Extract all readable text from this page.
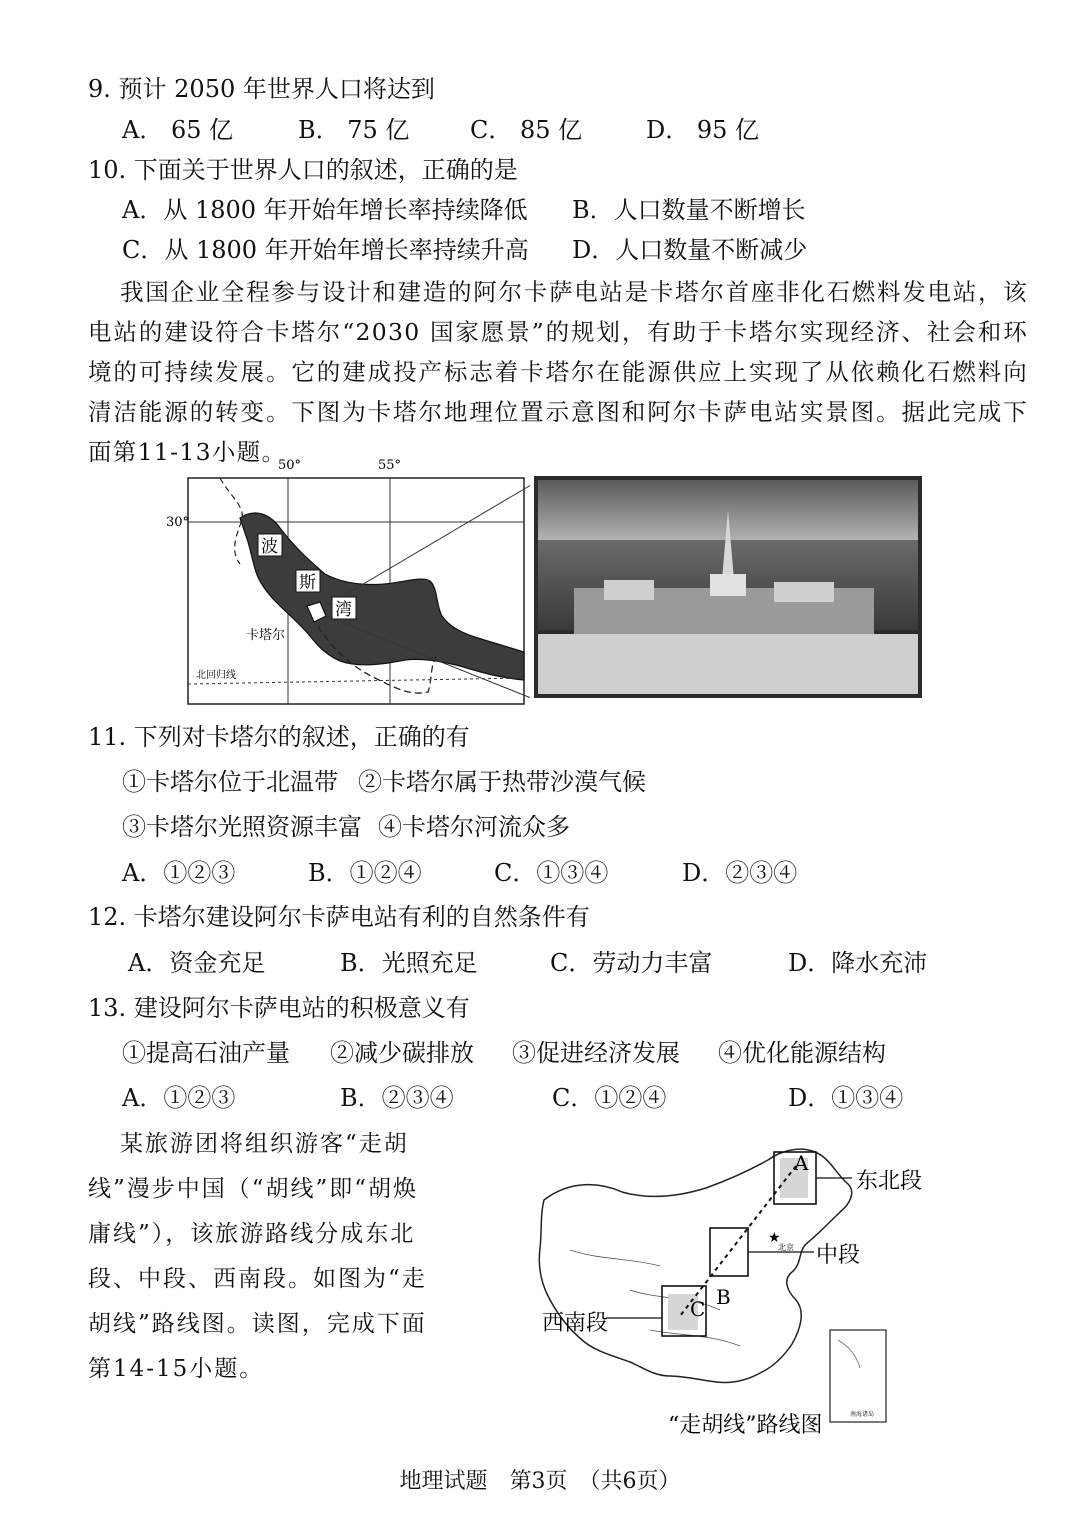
9. 预计 2050 年世界人口将达到
A． 65 亿	B． 75 亿	C． 85 亿	D． 95 亿
10. 下面关于世界人口的叙述，正确的是
A．从 1800 年开始年增长率持续降低 B．人口数量不断增长
C．从 1800 年开始年增长率持续升高 D．人口数量不断减少
我国企业全程参与设计和建造的阿尔卡萨电站是卡塔尔首座非化石燃料发电站，该电站的建设符合卡塔尔“2030 国家愿景”的规划，有助于卡塔尔实现经济、社会和环境的可持续发展。它的建成投产标志着卡塔尔在能源供应上实现了从依赖化石燃料向清洁能源的转变。下图为卡塔尔地理位置示意图和阿尔卡萨电站实景图。据此完成下面第11-13小题。
波
斯
湾
50°	55°
30°
卡塔尔
北回归线
11. 下列对卡塔尔的叙述，正确的有
①卡塔尔位于北温带 ②卡塔尔属于热带沙漠气候
③卡塔尔光照资源丰富 ④卡塔尔河流众多
A．①②③	B．①②④	C．①③④	D．②③④
12. 卡塔尔建设阿尔卡萨电站有利的自然条件有
A．资金充足	B．光照充足	C．劳动力丰富	D．降水充沛
13. 建设阿尔卡萨电站的积极意义有
①提高石油产量 ②减少碳排放 ③促进经济发展 ④优化能源结构
A．①②③	B．②③④	C．①②④	D．①③④
某旅游团将组织游客“走胡线”漫步中国（“胡线”即“胡焕庸线”），该旅游路线分成东北段、中段、西南段。如图为“走胡线”路线图。读图，完成下面第14-15小题。
★
北京
A
B
C
东北段
中段
西南段
南海诸岛
“走胡线”路线图
地理试题　第3页　（共6页）
